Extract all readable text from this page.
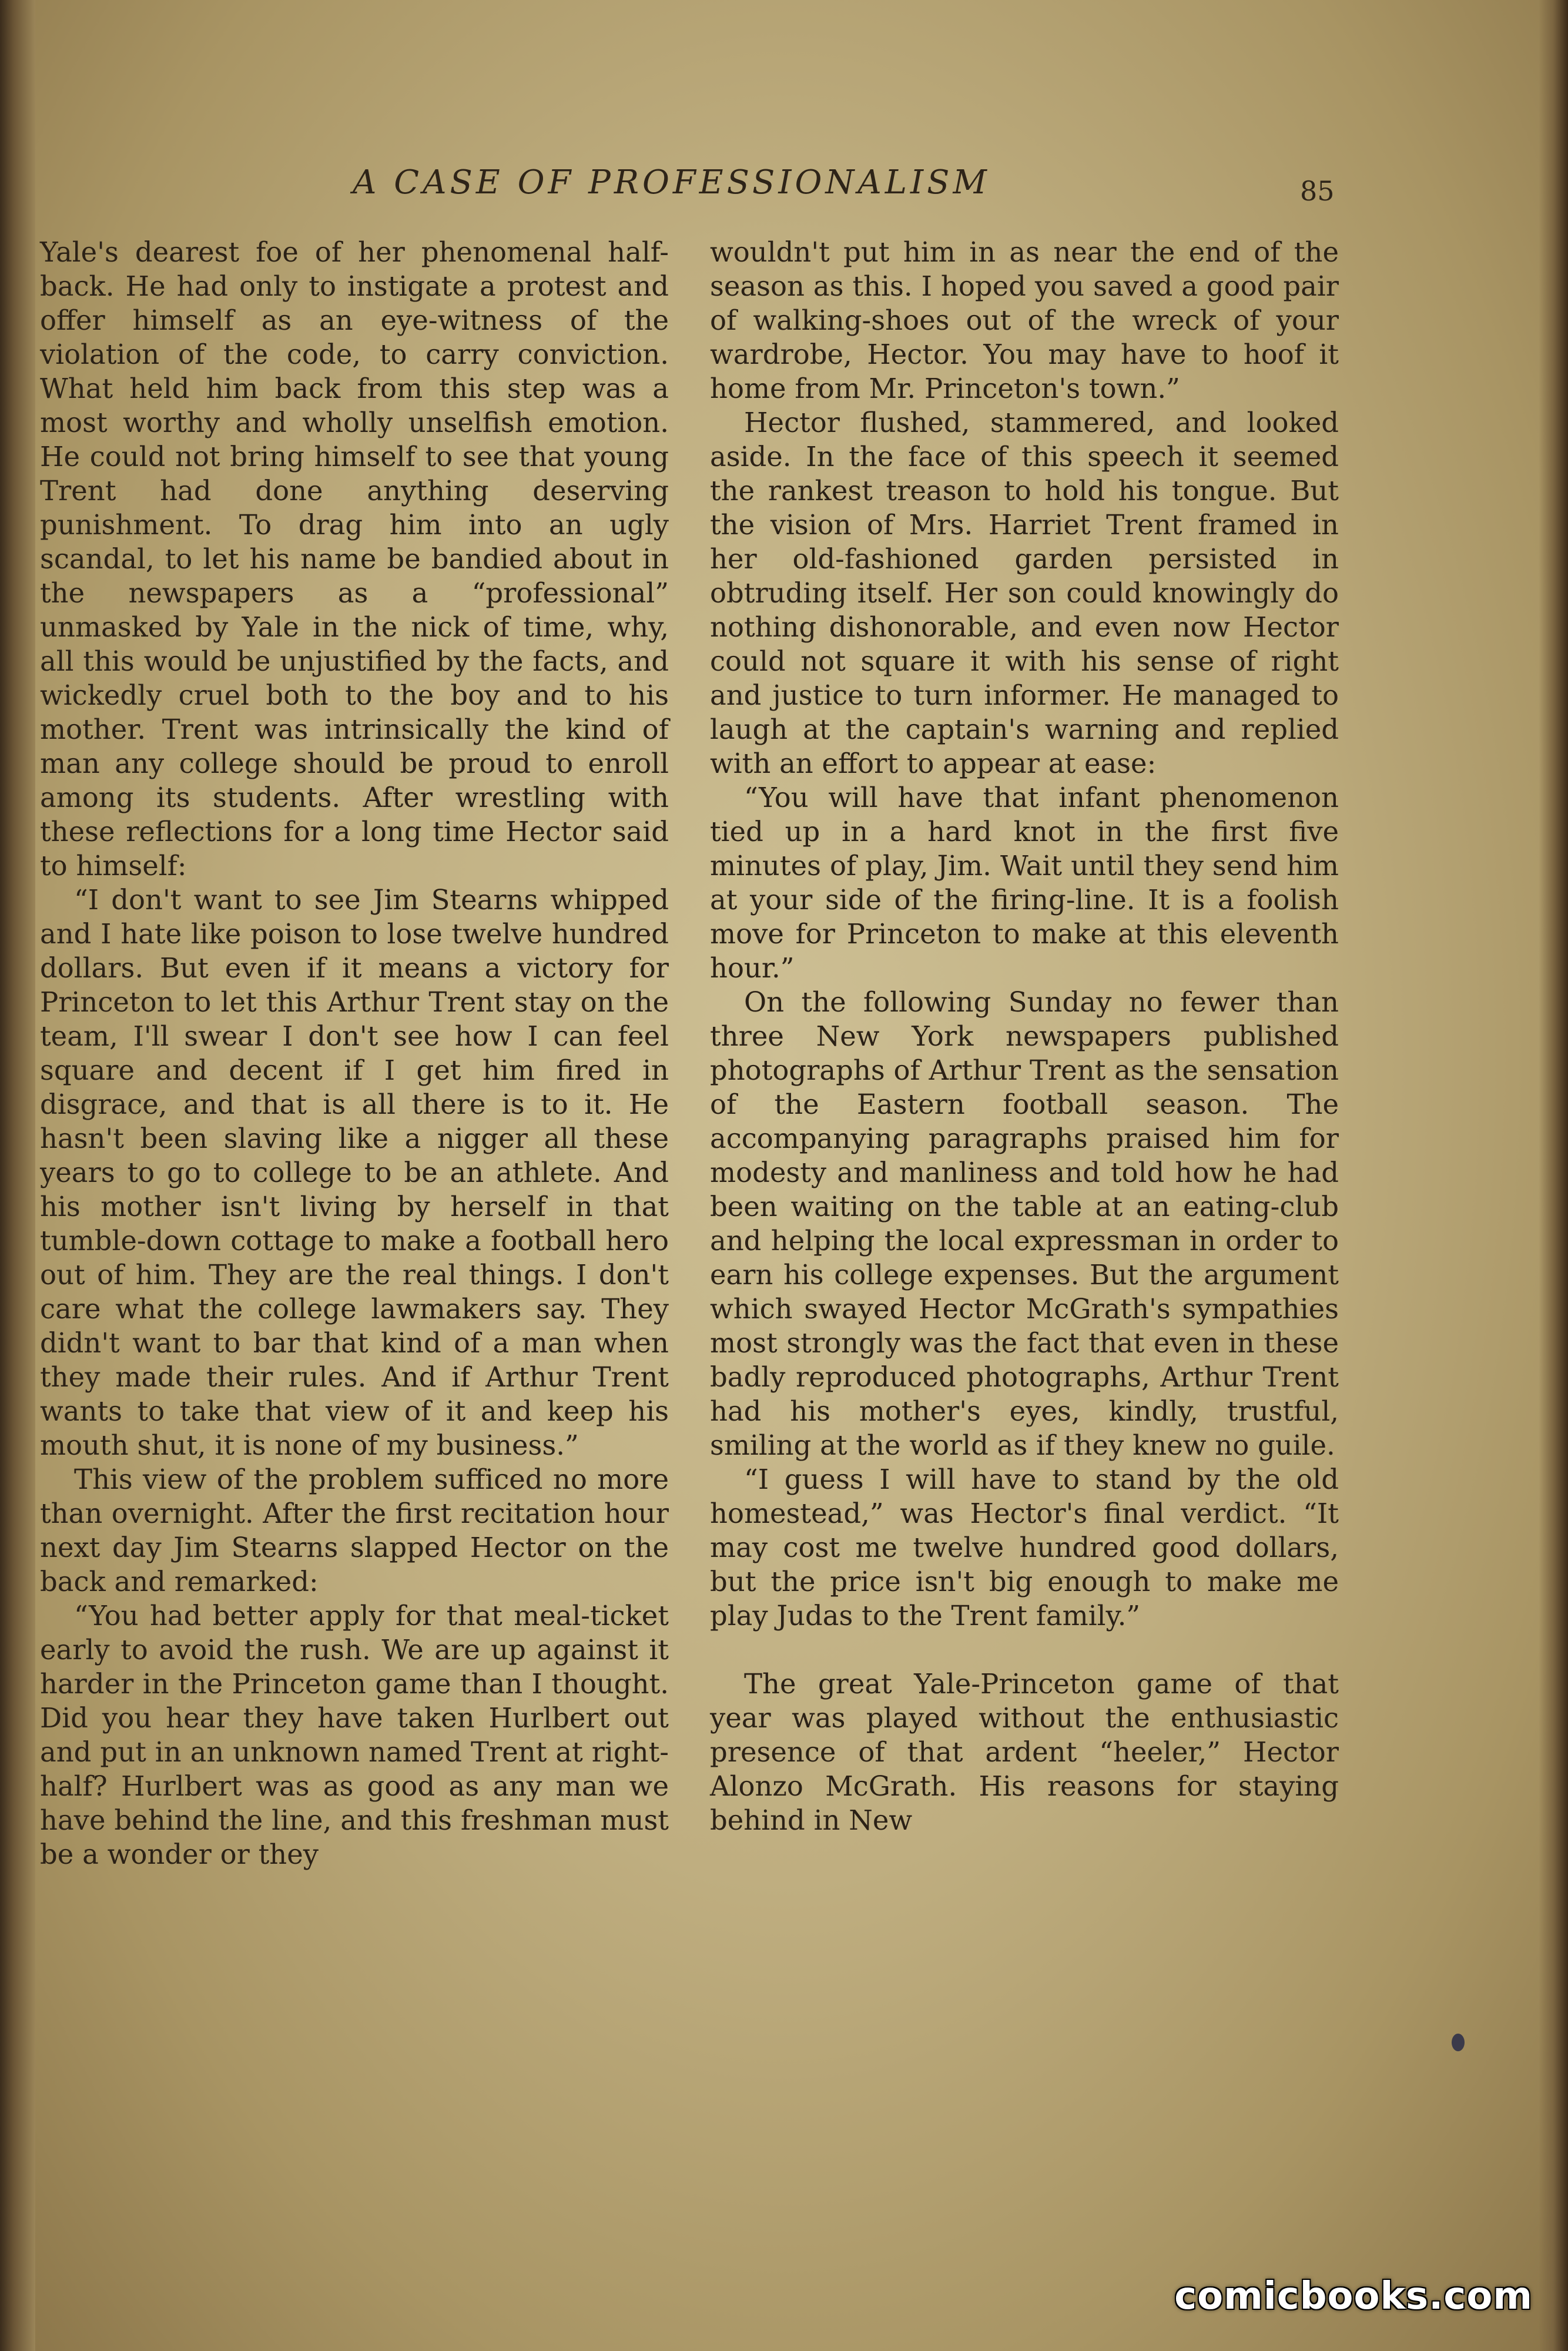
A CASE OF PROFESSIONALISM	85

Yale's dearest foe of her phenomenal half-back. He had only to instigate a protest and offer himself as an eye-witness of the violation of the code, to carry conviction. What held him back from this step was a most worthy and wholly unselfish emotion. He could not bring himself to see that young Trent had done anything deserving punishment. To drag him into an ugly scandal, to let his name be bandied about in the newspapers as a “professional” unmasked by Yale in the nick of time, why, all this would be unjustified by the facts, and wickedly cruel both to the boy and to his mother. Trent was intrinsically the kind of man any college should be proud to enroll among its students. After wrestling with these reflections for a long time Hector said to himself:

“I don't want to see Jim Stearns whipped and I hate like poison to lose twelve hundred dollars. But even if it means a victory for Princeton to let this Arthur Trent stay on the team, I'll swear I don't see how I can feel square and decent if I get him fired in disgrace, and that is all there is to it. He hasn't been slaving like a nigger all these years to go to college to be an athlete. And his mother isn't living by herself in that tumble-down cottage to make a football hero out of him. They are the real things. I don't care what the college lawmakers say. They didn't want to bar that kind of a man when they made their rules. And if Arthur Trent wants to take that view of it and keep his mouth shut, it is none of my business.”

This view of the problem sufficed no more than overnight. After the first recitation hour next day Jim Stearns slapped Hector on the back and remarked:

“You had better apply for that meal-ticket early to avoid the rush. We are up against it harder in the Princeton game than I thought. Did you hear they have taken Hurlbert out and put in an unknown named Trent at right-half? Hurlbert was as good as any man we have behind the line, and this freshman must be a wonder or they

wouldn't put him in as near the end of the season as this. I hoped you saved a good pair of walking-shoes out of the wreck of your wardrobe, Hector. You may have to hoof it home from Mr. Princeton's town.”

Hector flushed, stammered, and looked aside. In the face of this speech it seemed the rankest treason to hold his tongue. But the vision of Mrs. Harriet Trent framed in her old-fashioned garden persisted in obtruding itself. Her son could knowingly do nothing dishonorable, and even now Hector could not square it with his sense of right and justice to turn informer. He managed to laugh at the captain's warning and replied with an effort to appear at ease:

“You will have that infant phenomenon tied up in a hard knot in the first five minutes of play, Jim. Wait until they send him at your side of the firing-line. It is a foolish move for Princeton to make at this eleventh hour.”

On the following Sunday no fewer than three New York newspapers published photographs of Arthur Trent as the sensation of the Eastern football season. The accompanying paragraphs praised him for modesty and manliness and told how he had been waiting on the table at an eating-club and helping the local expressman in order to earn his college expenses. But the argument which swayed Hector McGrath's sympathies most strongly was the fact that even in these badly reproduced photographs, Arthur Trent had his mother's eyes, kindly, trustful, smiling at the world as if they knew no guile.

“I guess I will have to stand by the old homestead,” was Hector's final verdict. “It may cost me twelve hundred good dollars, but the price isn't big enough to make me play Judas to the Trent family.”

The great Yale-Princeton game of that year was played without the enthusiastic presence of that ardent “heeler,” Hector Alonzo McGrath. His reasons for staying behind in New

comicbooks.com
